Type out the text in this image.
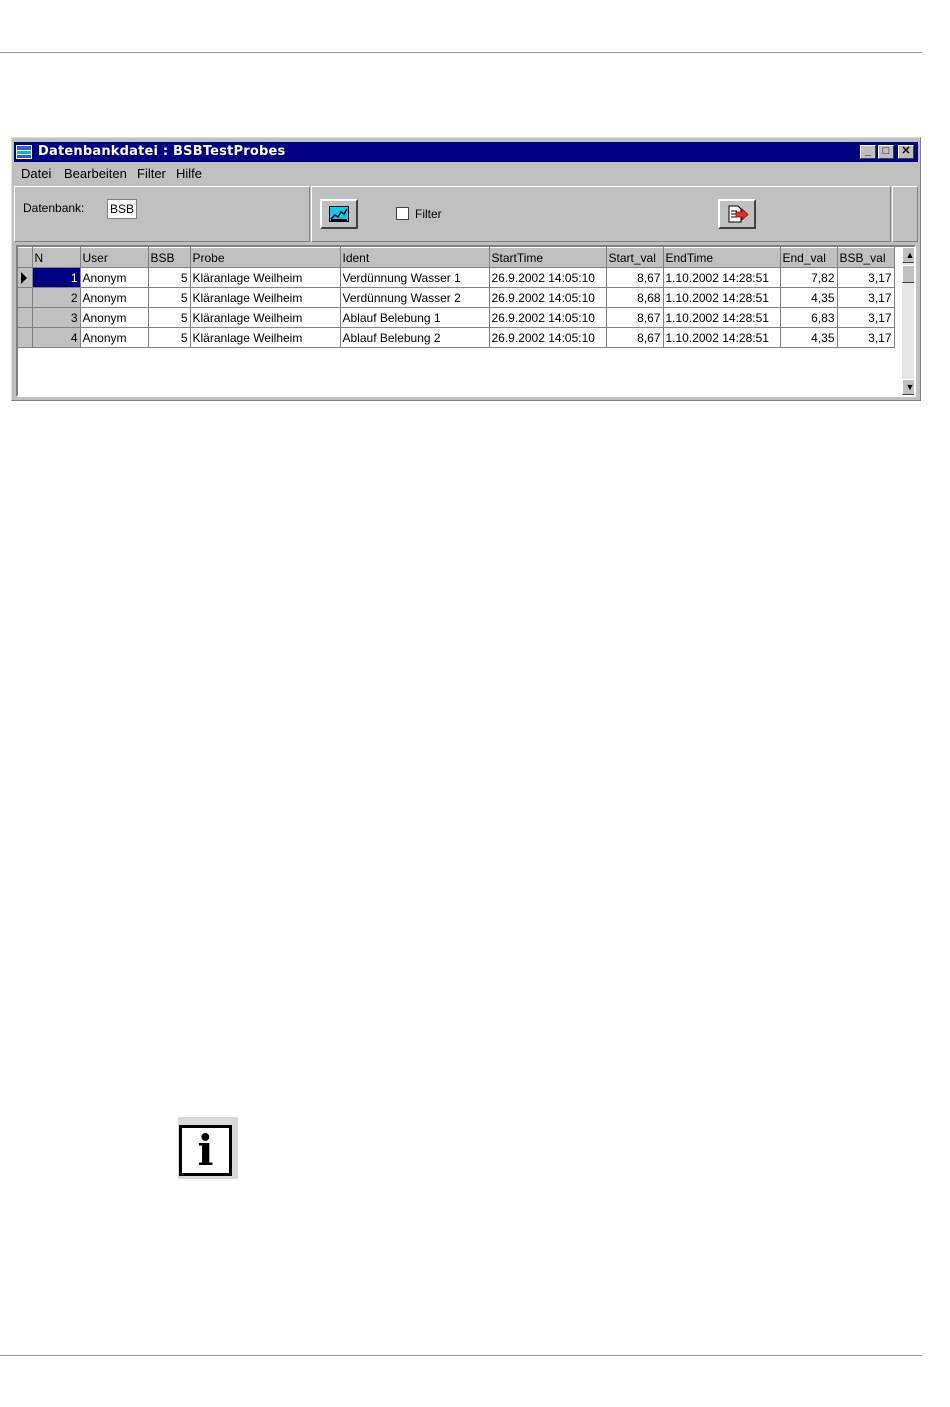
Datenbankdatei : BSBTestProbes	_	□	✕
Datei Bearbeiten Filter Hilfe
Datenbank: BSB	Filter
	N	User	BSB	Probe	Ident	StartTime	Start_val	EndTime	End_val	BSB_val

	1	Anonym	5	Kläranlage Weilheim	Verdünnung Wasser 1	26.9.2002 14:05:10	8,67	1.10.2002 14:28:51	7,82	3,17
	2	Anonym	5	Kläranlage Weilheim	Verdünnung Wasser 2	26.9.2002 14:05:10	8,68	1.10.2002 14:28:51	4,35	3,17
	3	Anonym	5	Kläranlage Weilheim	Ablauf Belebung 1	26.9.2002 14:05:10	8,67	1.10.2002 14:28:51	6,83	3,17
	4	Anonym	5	Kläranlage Weilheim	Ablauf Belebung 2	26.9.2002 14:05:10	8,67	1.10.2002 14:28:51	4,35	3,17
▲
▼
i
